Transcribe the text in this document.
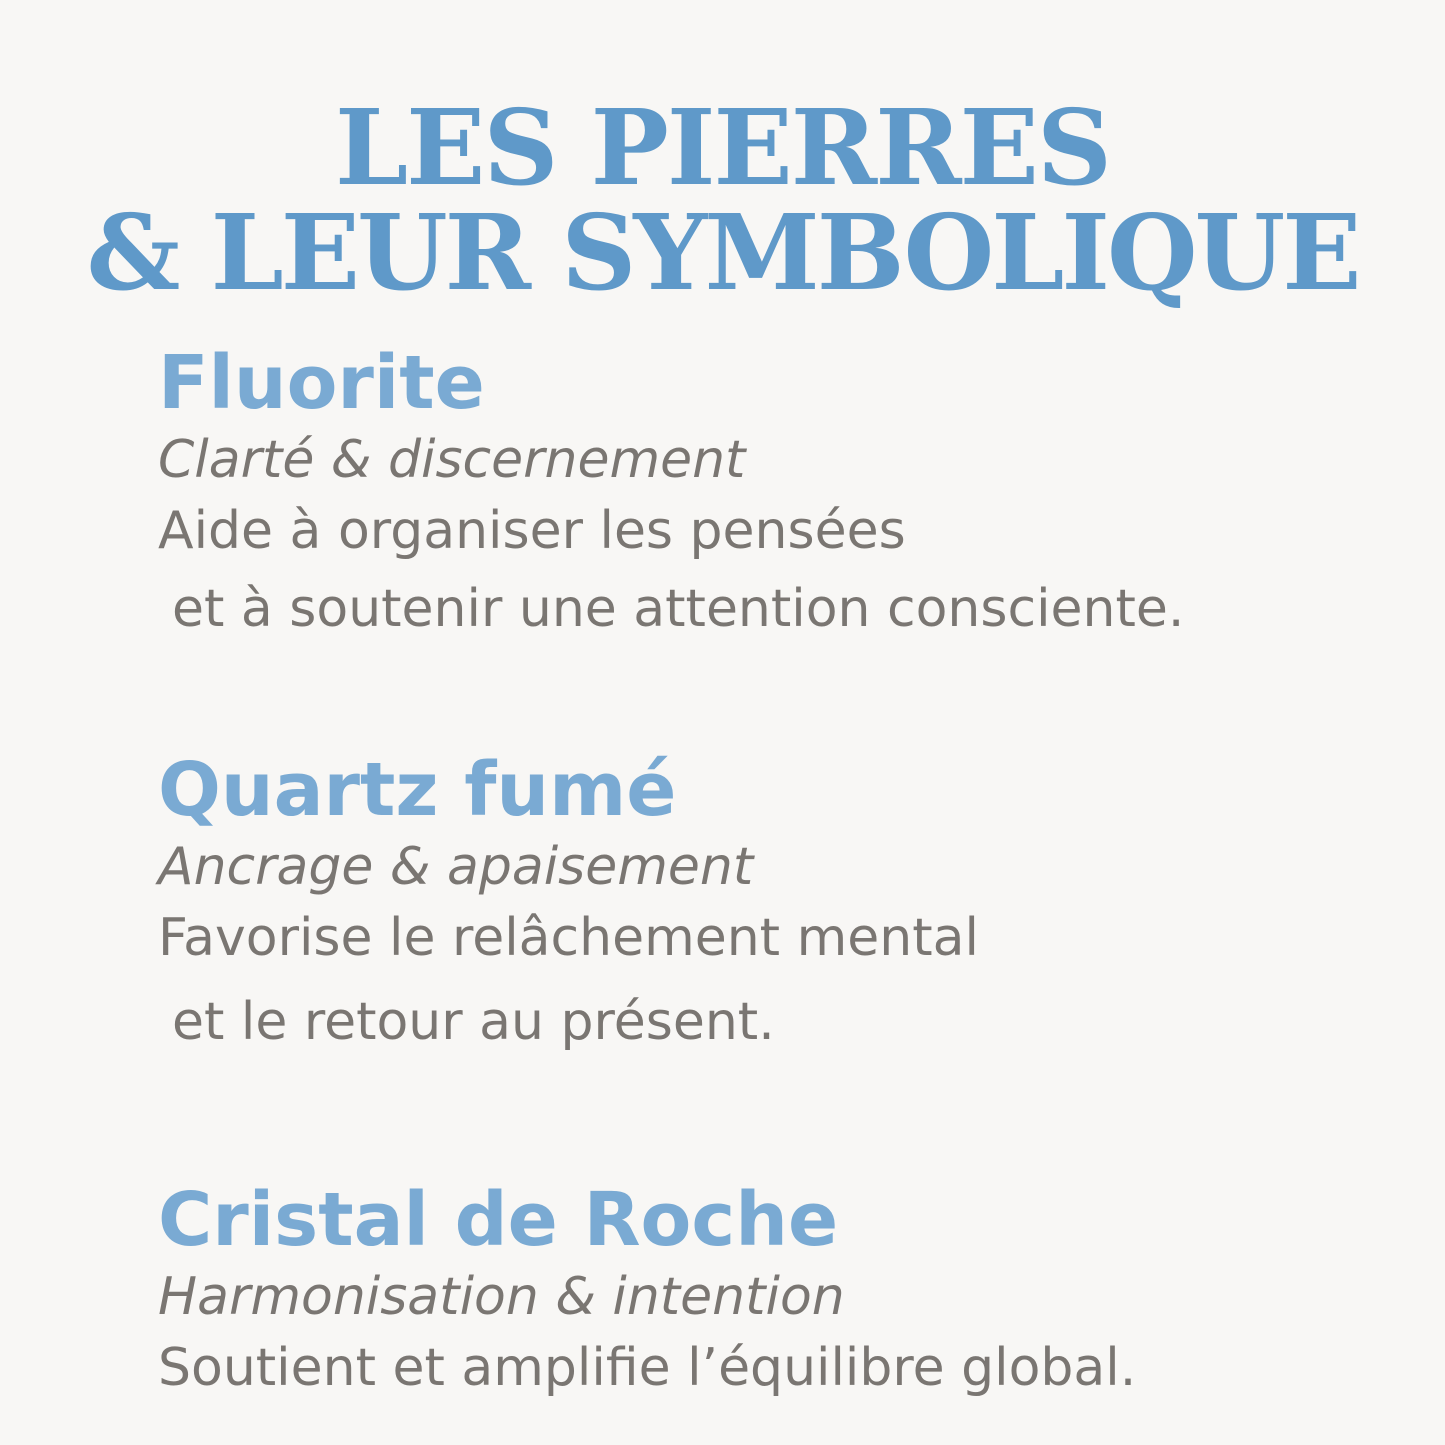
LES PIERRES
& LEUR SYMBOLIQUE
Fluorite

Clarté & discernement

Aide à organiser les pensées

et à soutenir une attention consciente.

Quartz fumé

Ancrage & apaisement

Favorise le relâchement mental

et le retour au présent.

Cristal de Roche

Harmonisation & intention

Soutient et amplifie l’équilibre global.
